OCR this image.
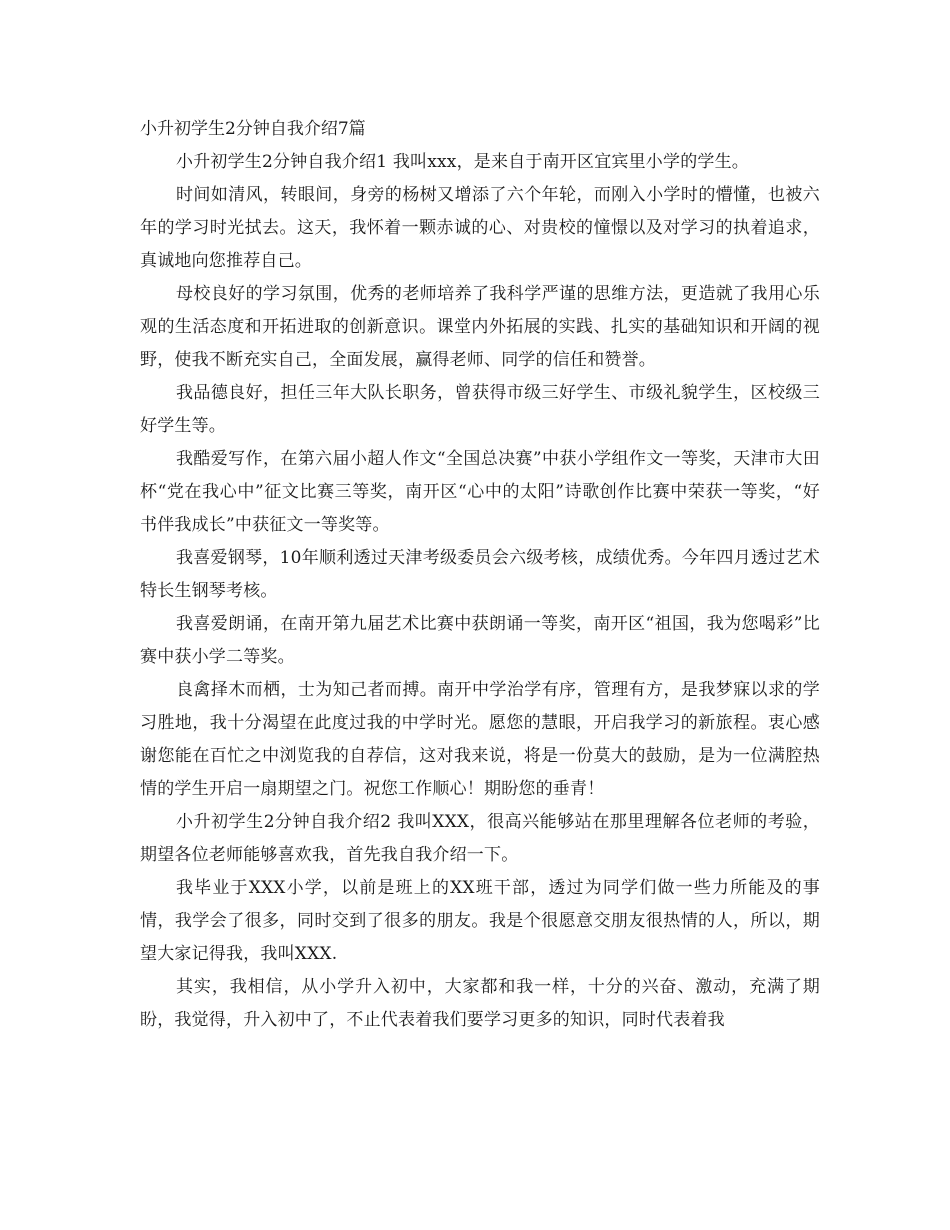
小升初学生2分钟自我介绍7篇

小升初学生2分钟自我介绍1 我叫xxx，是来自于南开区宜宾里小学的学生。

时间如清风，转眼间，身旁的杨树又增添了六个年轮，而刚入小学时的懵懂，也被六年的学习时光拭去。这天，我怀着一颗赤诚的心、对贵校的憧憬以及对学习的执着追求，真诚地向您推荐自己。

母校良好的学习氛围，优秀的老师培养了我科学严谨的思维方法，更造就了我用心乐观的生活态度和开拓进取的创新意识。课堂内外拓展的实践、扎实的基础知识和开阔的视野，使我不断充实自己，全面发展，赢得老师、同学的信任和赞誉。

我品德良好，担任三年大队长职务，曾获得市级三好学生、市级礼貌学生，区校级三好学生等。

我酷爱写作，在第六届小超人作文“全国总决赛”中获小学组作文一等奖，天津市大田杯“党在我心中”征文比赛三等奖，南开区“心中的太阳”诗歌创作比赛中荣获一等奖，“好书伴我成长”中获征文一等奖等。

我喜爱钢琴，10年顺利透过天津考级委员会六级考核，成绩优秀。今年四月透过艺术特长生钢琴考核。

我喜爱朗诵，在南开第九届艺术比赛中获朗诵一等奖，南开区“祖国，我为您喝彩”比赛中获小学二等奖。

良禽择木而栖，士为知己者而搏。南开中学治学有序，管理有方，是我梦寐以求的学习胜地，我十分渴望在此度过我的中学时光。愿您的慧眼，开启我学习的新旅程。衷心感谢您能在百忙之中浏览我的自荐信，这对我来说，将是一份莫大的鼓励，是为一位满腔热情的学生开启一扇期望之门。祝您工作顺心！期盼您的垂青！

小升初学生2分钟自我介绍2 我叫XXX，很高兴能够站在那里理解各位老师的考验，期望各位老师能够喜欢我，首先我自我介绍一下。

我毕业于XXX小学，以前是班上的XX班干部，透过为同学们做一些力所能及的事情，我学会了很多，同时交到了很多的朋友。我是个很愿意交朋友很热情的人，所以，期望大家记得我，我叫XXX.

其实，我相信，从小学升入初中，大家都和我一样，十分的兴奋、激动，充满了期盼，我觉得，升入初中了，不止代表着我们要学习更多的知识，同时代表着我
